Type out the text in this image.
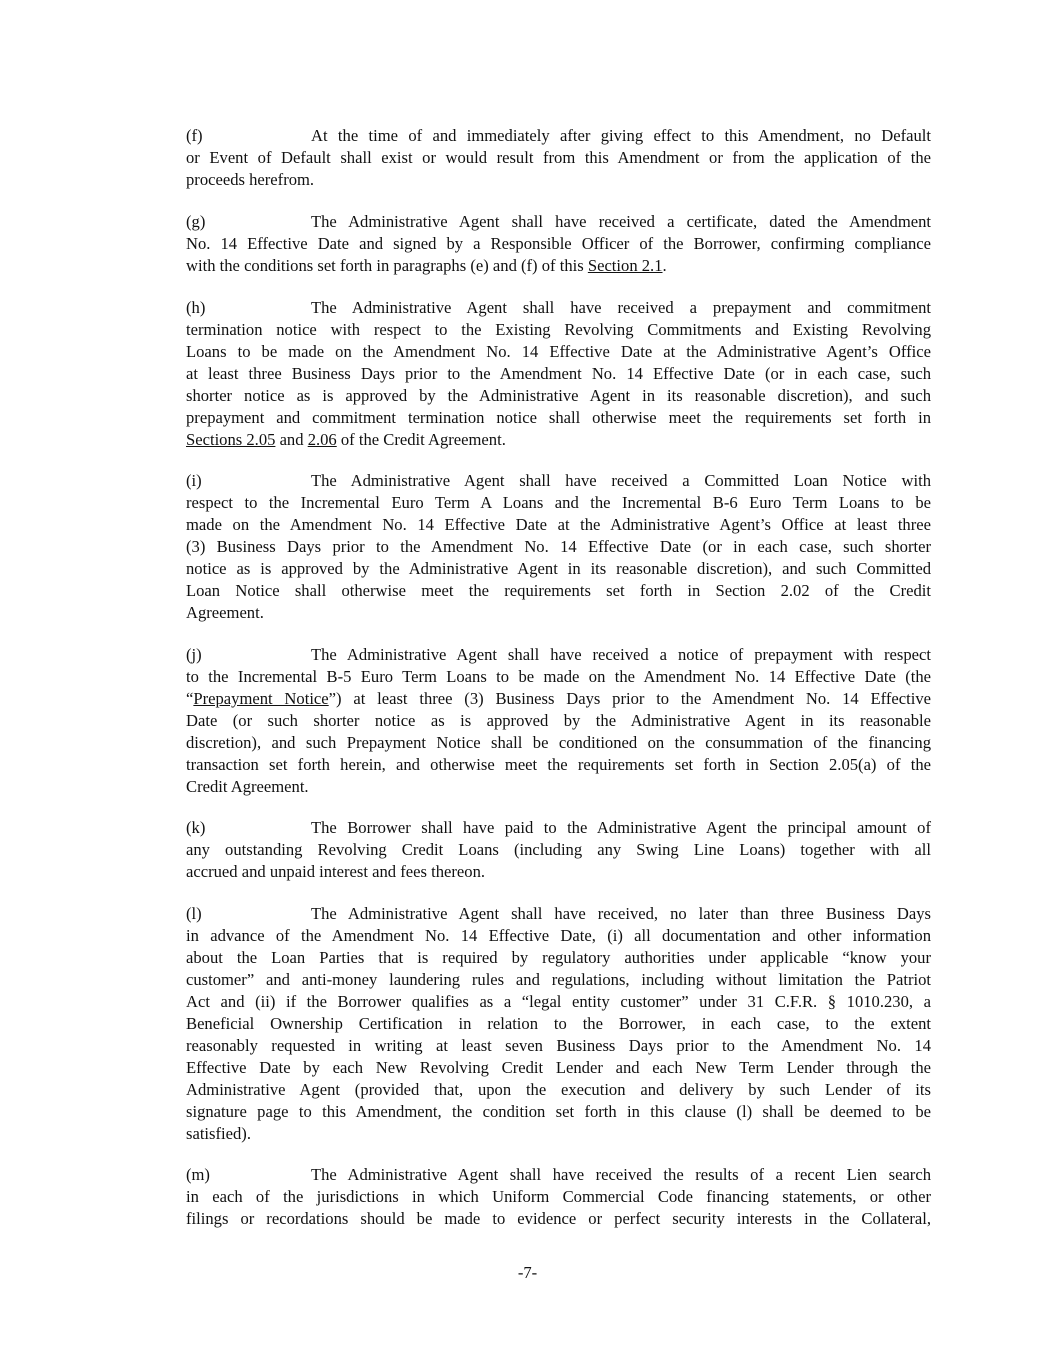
(f)	At the time of and immediately after giving effect to this Amendment, no Default
or Event of Default shall exist or would result from this Amendment or from the application of the
proceeds herefrom.
(g)	The Administrative Agent shall have received a certificate, dated the Amendment
No. 14 Effective Date and signed by a Responsible Officer of the Borrower, confirming compliance
with the conditions set forth in paragraphs (e) and (f) of this Section 2.1.
(h)	The Administrative Agent shall have received a prepayment and commitment
termination notice with respect to the Existing Revolving Commitments and Existing Revolving
Loans to be made on the Amendment No. 14 Effective Date at the Administrative Agent’s Office
at least three Business Days prior to the Amendment No. 14 Effective Date (or in each case, such
shorter notice as is approved by the Administrative Agent in its reasonable discretion), and such
prepayment and commitment termination notice shall otherwise meet the requirements set forth in
Sections 2.05 and 2.06 of the Credit Agreement.
(i)	The Administrative Agent shall have received a Committed Loan Notice with
respect to the Incremental Euro Term A Loans and the Incremental B-6 Euro Term Loans to be
made on the Amendment No. 14 Effective Date at the Administrative Agent’s Office at least three
(3) Business Days prior to the Amendment No. 14 Effective Date (or in each case, such shorter
notice as is approved by the Administrative Agent in its reasonable discretion), and such Committed
Loan Notice shall otherwise meet the requirements set forth in Section 2.02 of the Credit
Agreement.
(j)	The Administrative Agent shall have received a notice of prepayment with respect
to the Incremental B-5 Euro Term Loans to be made on the Amendment No. 14 Effective Date (the
“Prepayment Notice”) at least three (3) Business Days prior to the Amendment No. 14 Effective
Date (or such shorter notice as is approved by the Administrative Agent in its reasonable
discretion), and such Prepayment Notice shall be conditioned on the consummation of the financing
transaction set forth herein, and otherwise meet the requirements set forth in Section 2.05(a) of the
Credit Agreement.
(k)	The Borrower shall have paid to the Administrative Agent the principal amount of
any outstanding Revolving Credit Loans (including any Swing Line Loans) together with all
accrued and unpaid interest and fees thereon.
(l)	The Administrative Agent shall have received, no later than three Business Days
in advance of the Amendment No. 14 Effective Date, (i) all documentation and other information
about the Loan Parties that is required by regulatory authorities under applicable “know your
customer” and anti-money laundering rules and regulations, including without limitation the Patriot
Act and (ii) if the Borrower qualifies as a “legal entity customer” under 31 C.F.R. § 1010.230, a
Beneficial Ownership Certification in relation to the Borrower, in each case, to the extent
reasonably requested in writing at least seven Business Days prior to the Amendment No. 14
Effective Date by each New Revolving Credit Lender and each New Term Lender through the
Administrative Agent (provided that, upon the execution and delivery by such Lender of its
signature page to this Amendment, the condition set forth in this clause (l) shall be deemed to be
satisfied).
(m)	The Administrative Agent shall have received the results of a recent Lien search
in each of the jurisdictions in which Uniform Commercial Code financing statements, or other
filings or recordations should be made to evidence or perfect security interests in the Collateral,
-7-
